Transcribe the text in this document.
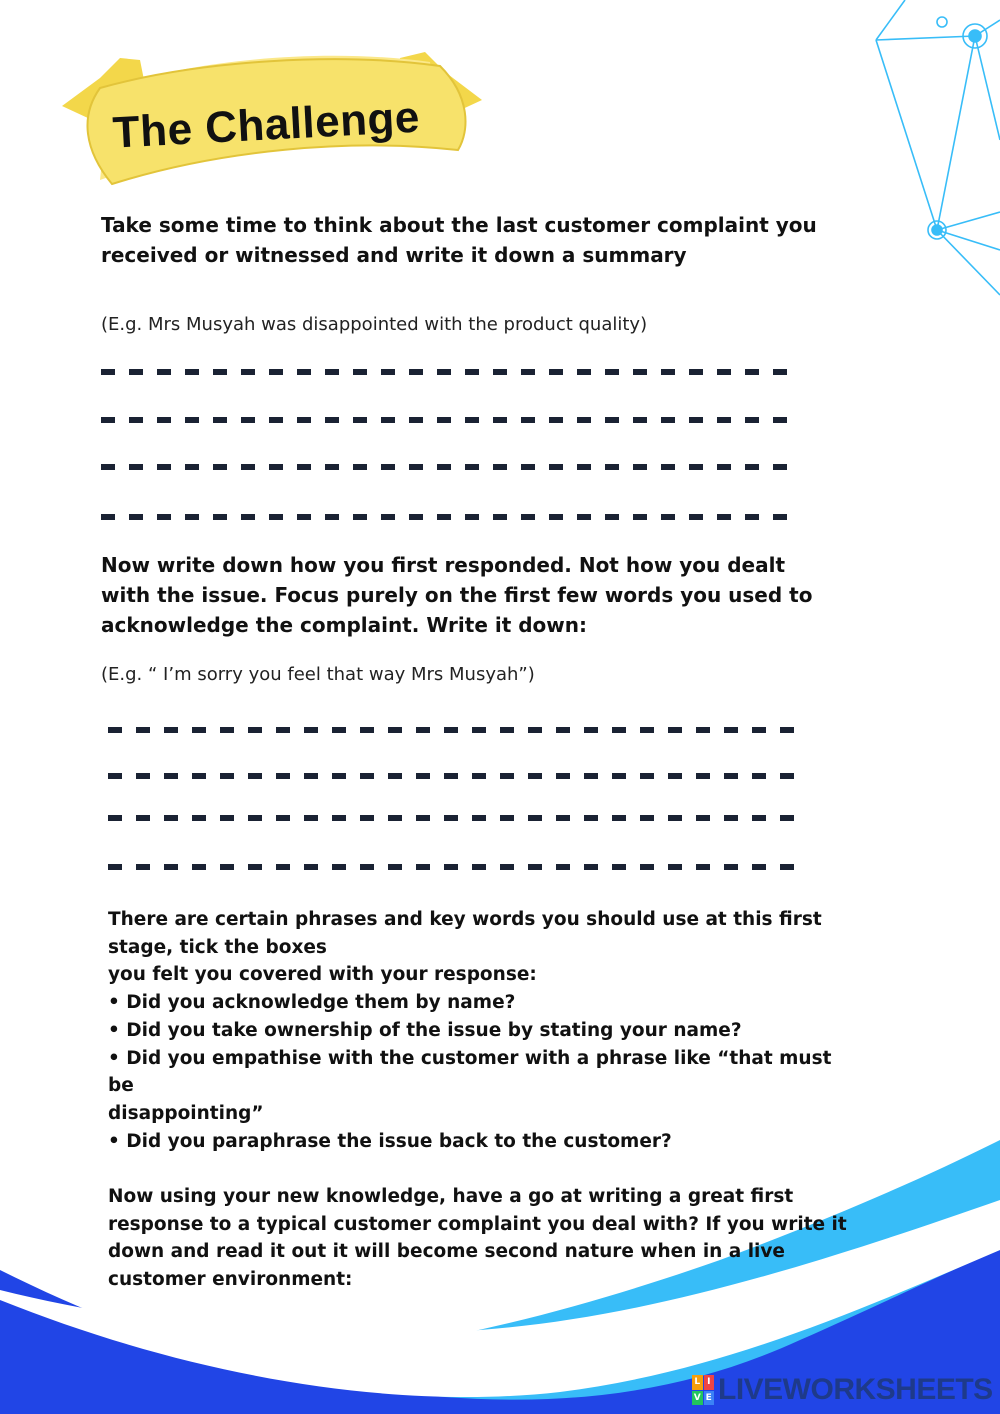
The Challenge
Take some time to think about the last customer complaint you received or witnessed and write it down a summary
(E.g. Mrs Musyah was disappointed with the product quality)
Now write down how you first responded. Not how you dealt with the issue. Focus purely on the first few words you used to acknowledge the complaint. Write it down:
(E.g. “ I’m sorry you feel that way Mrs Musyah”)
There are certain phrases and key words you should use at this first
stage, tick the boxes
you felt you covered with your response:
• Did you acknowledge them by name?
• Did you take ownership of the issue by stating your name?
• Did you empathise with the customer with a phrase like “that must be
disappointing”
• Did you paraphrase the issue back to the customer?
Now using your new knowledge, have a go at writing a great first
response to a typical customer complaint you deal with? If you write it
down and read it out it will become second nature when in a live
customer environment:
L I
V E LIVEWORKSHEETS
